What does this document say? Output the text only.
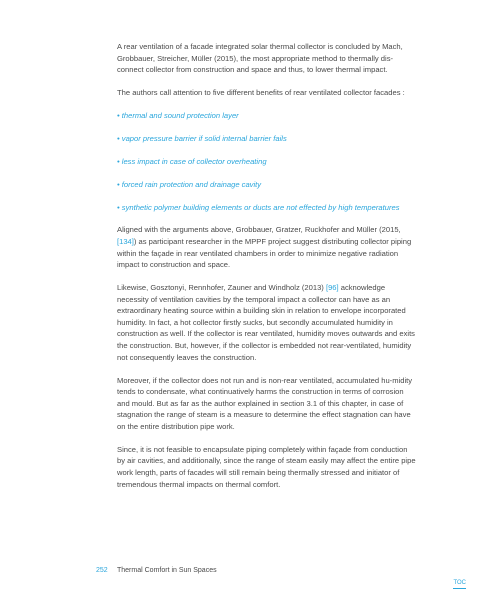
A rear ventilation of a facade integrated solar thermal collector is concluded by Mach, Grobbauer, Streicher, Müller (2015), the most appropriate method to thermally dis-connect collector from construction and space and thus, to lower thermal impact.

The authors call attention to five different benefits of rear ventilated collector facades :

• thermal and sound protection layer
• vapor pressure barrier if solid internal barrier fails
• less impact in case of collector overheating
• forced rain protection and drainage cavity
• synthetic polymer building elements or ducts are not effected by high temperatures

Aligned with the arguments above, Grobbauer, Gratzer, Ruckhofer and Müller (2015, [134]) as participant researcher in the MPPF project suggest distributing collector piping within the façade in rear ventilated chambers in order to minimize negative radiation impact to construction and space.

Likewise, Gosztonyi, Rennhofer, Zauner and Windholz (2013) [96] acknowledge necessity of ventilation cavities by the temporal impact a collector can have as an extraordinary heating source within a building skin in relation to envelope incorporated humidity. In fact, a hot collector firstly sucks, but secondly accumulated humidity in construction as well. If the collector is rear ventilated, humidity moves outwards and exits the construction. But, however, if the collector is embedded not rear-ventilated, humidity not consequently leaves the construction.

Moreover, if the collector does not run and is non-rear ventilated, accumulated hu-midity tends to condensate, what continuatively harms the construction in terms of corrosion and mould. But as far as the author explained in section 3.1 of this chapter, in case of stagnation the range of steam is a measure to determine the effect stagnation can have on the entire distribution pipe work.

Since, it is not feasible to encapsulate piping completely within façade from conduction by air cavities, and additionally, since the range of steam easily may affect the entire pipe work length, parts of facades will still remain being thermally stressed and initiator of tremendous thermal impacts on thermal comfort.

252 Thermal Comfort in Sun Spaces
TOC
